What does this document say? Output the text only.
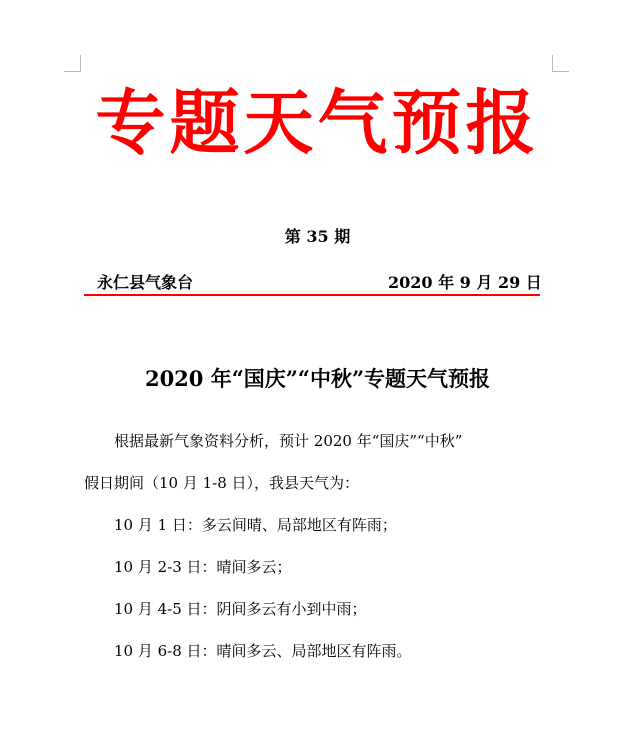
专题天气预报
第 35 期
永仁县气象台	2020 年 9 月 29 日
2020 年“国庆”“中秋”专题天气预报

根据最新气象资料分析，预计 2020 年“国庆”“中秋”

假日期间（10 月 1-8 日），我县天气为：

10 月 1 日：多云间晴、局部地区有阵雨；

10 月 2-3 日：晴间多云；

10 月 4-5 日：阴间多云有小到中雨；

10 月 6-8 日：晴间多云、局部地区有阵雨。
